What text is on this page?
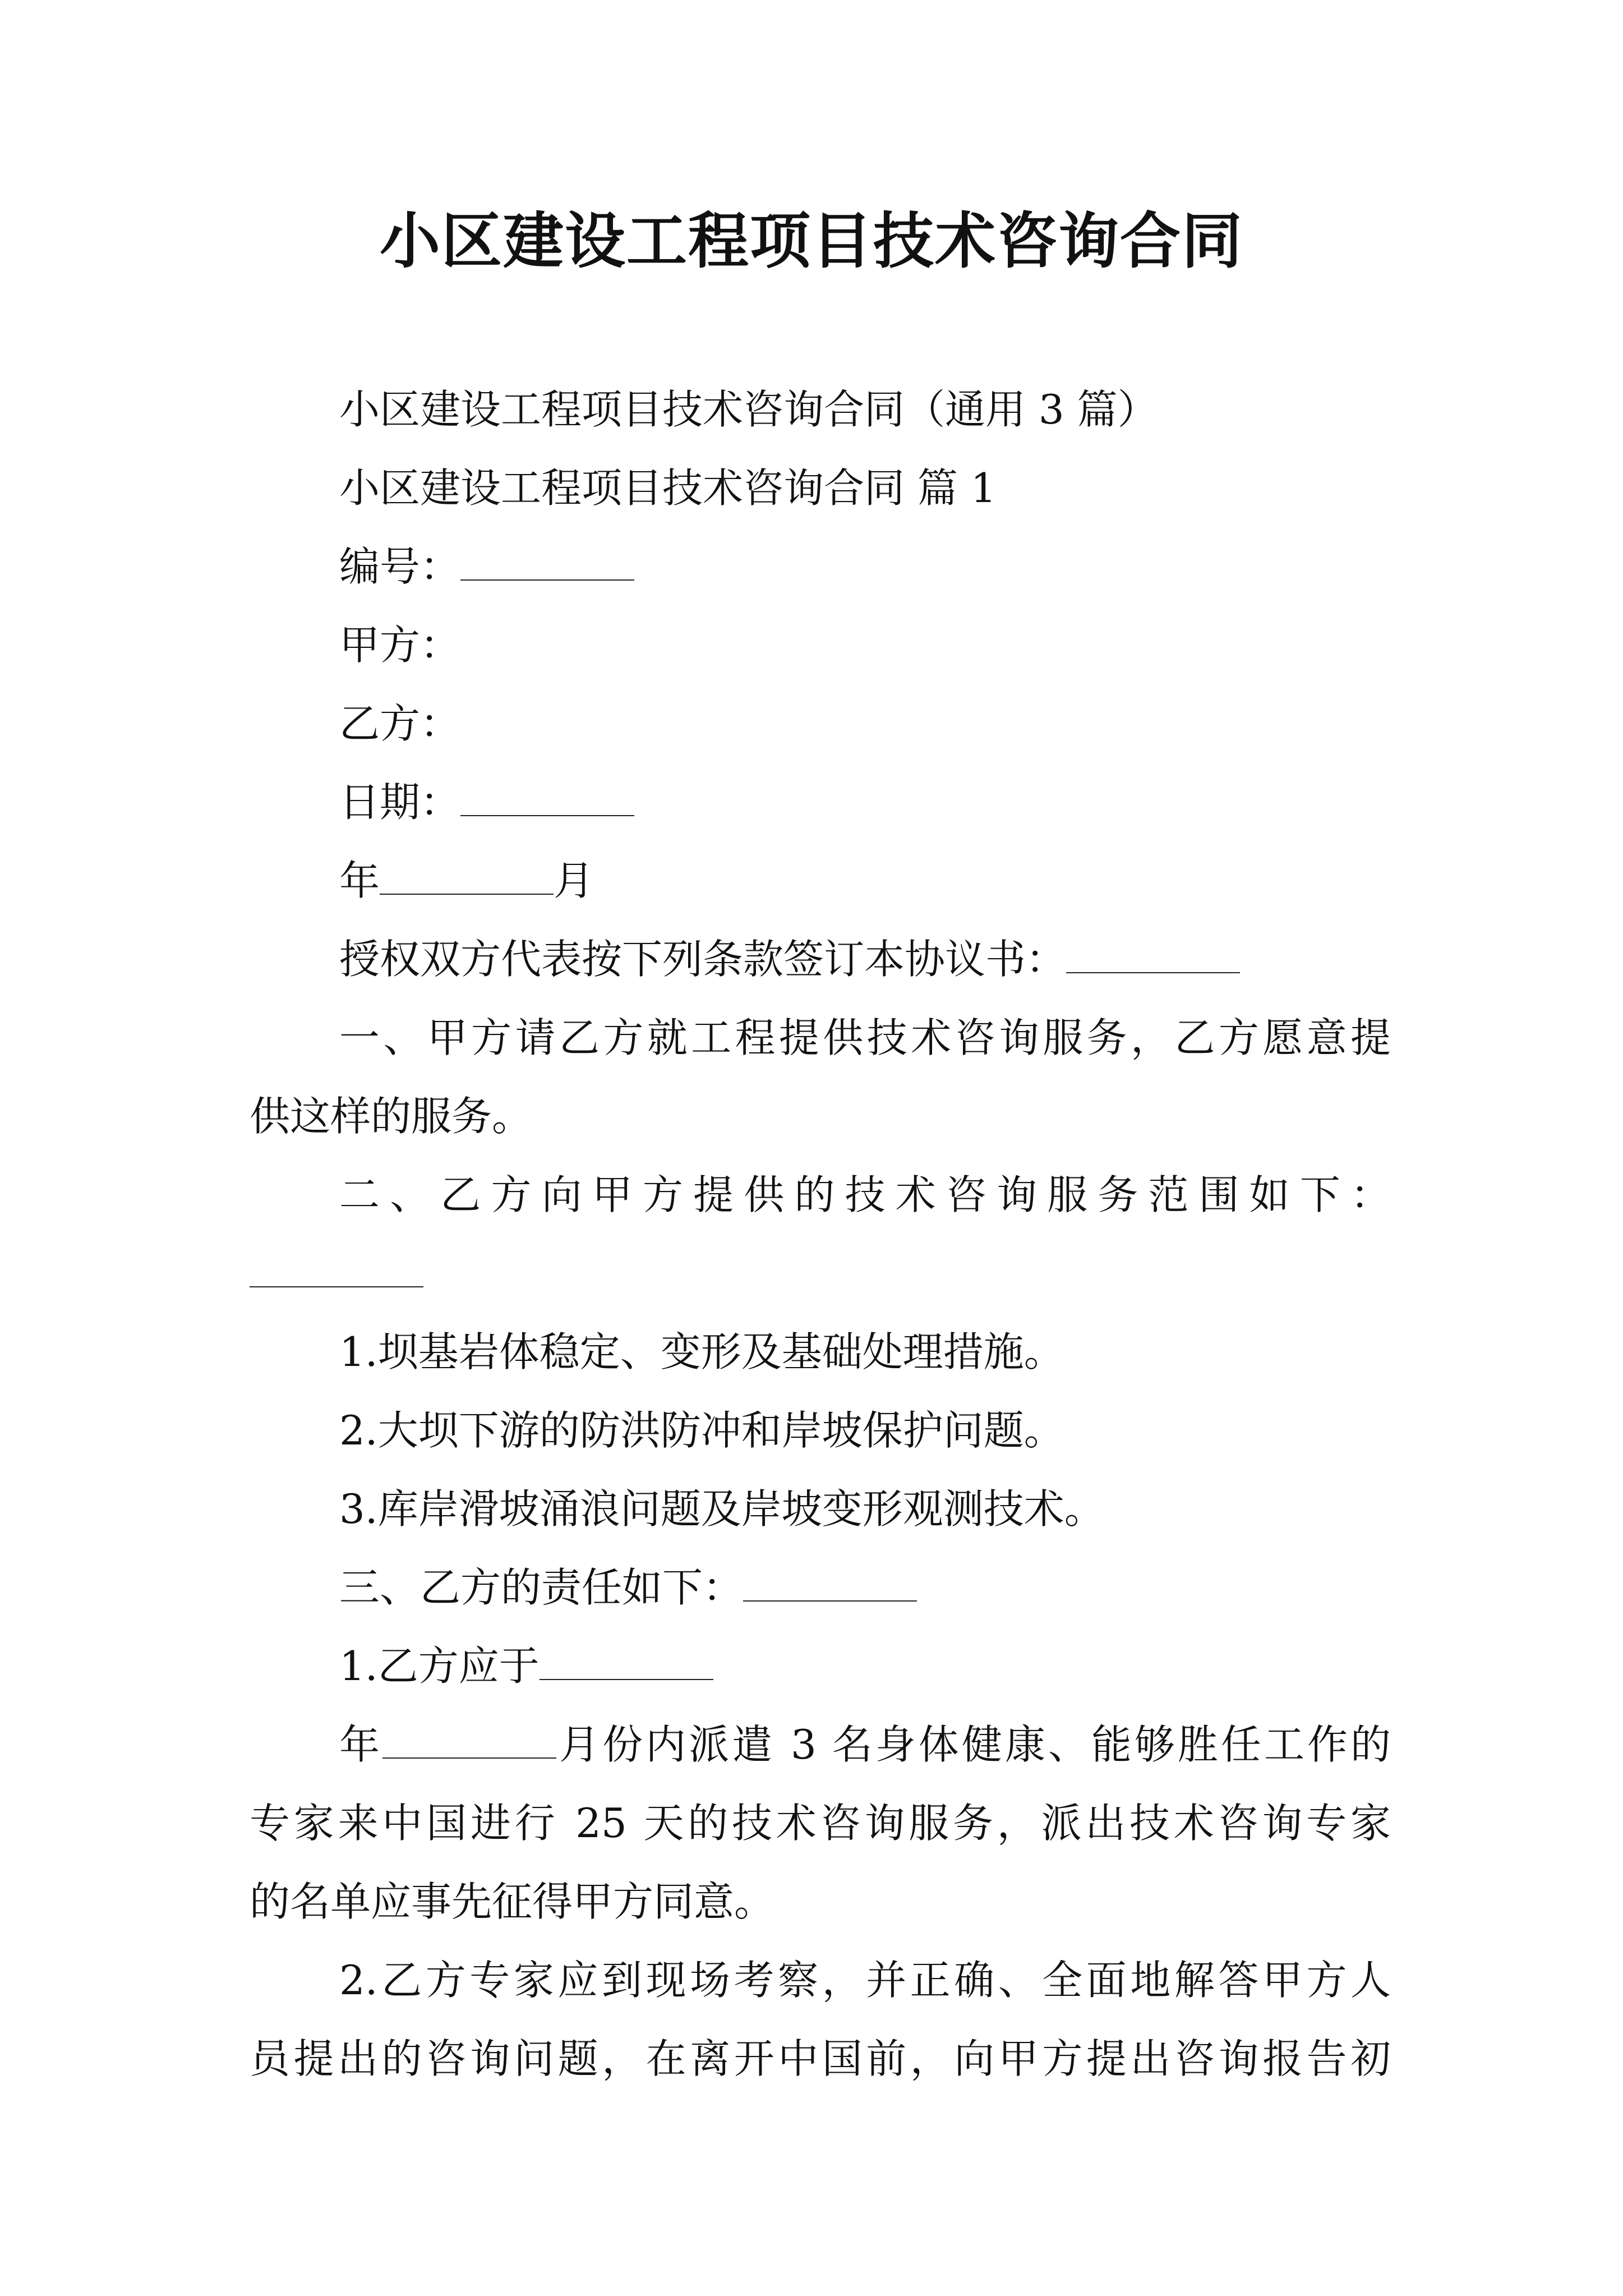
小区建设工程项目技术咨询合同
小区建设工程项目技术咨询合同（通用 3 篇）
小区建设工程项目技术咨询合同 篇 1
编号：
甲方：
乙方：
日期：
年	月
授权双方代表按下列条款签订本协议书：
一、甲方请乙方就工程提供技术咨询服务，乙方愿意提
供这样的服务。
二、乙方向甲方提供的技术咨询服务范围如下：
1.坝基岩体稳定、变形及基础处理措施。
2.大坝下游的防洪防冲和岸坡保护问题。
3.库岸滑坡涌浪问题及岸坡变形观测技术。
三、乙方的责任如下：
1.乙方应于
年	月份内派遣 3 名身体健康、能够胜任工作的
专家来中国进行 25 天的技术咨询服务，派出技术咨询专家
的名单应事先征得甲方同意。
2.乙方专家应到现场考察，并正确、全面地解答甲方人
员提出的咨询问题，在离开中国前，向甲方提出咨询报告初
